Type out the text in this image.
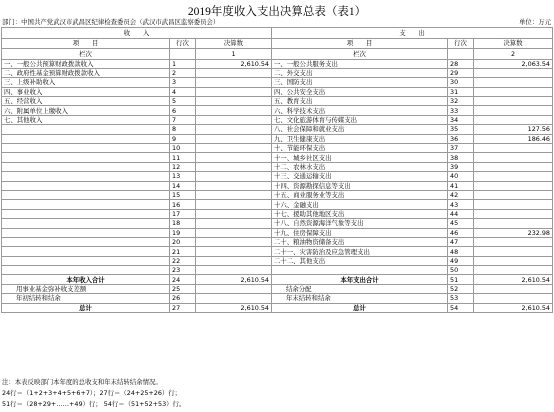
2019年度收入支出决算总表（表1）
部门：中国共产党武汉市武昌区纪律检查委员会（武汉市武昌区监察委员会）	单位：万元
收　　入			支　　出		
项　　目	行次	决算数	项　　目	行次	决算数
栏次		1	栏次		2
一、一般公共预算财政拨款收入	1	2,610.54	一、一般公共服务支出	28	2,063.54
二、政府性基金预算财政拨款收入	2		二、外交支出	29	
三、上级补助收入	3		三、国防支出	30	
四、事业收入	4		四、公共安全支出	31	
五、经营收入	5		五、教育支出	32	
六、附属单位上缴收入	6		六、科学技术支出	33	
七、其他收入	7		七、文化旅游体育与传媒支出	34	
	8		八、社会保障和就业支出	35	127.56
	9		九、卫生健康支出	36	186.46
	10		十、节能环保支出	37	
	11		十一、城乡社区支出	38	
	12		十二、农林水支出	39	
	13		十三、交通运输支出	40	
	14		十四、资源勘探信息等支出	41	
	15		十五、商业服务业等支出	42	
	16		十六、金融支出	43	
	17		十七、援助其他地区支出	44	
	18		十八、自然资源海洋气象等支出	45	
	19		十九、住房保障支出	46	232.98
	20		二十、粮油物资储备支出	47	
	21		二十一、灾害防治及应急管理支出	48	
	22		二十二、其他支出	49	
	23			50	
本年收入合计	24	2,610.54	本年支出合计	51	2,610.54
用事业基金弥补收支差额	25		结余分配	52	
年初结转和结余	26		年末结转和结余	53	
总计	27	2,610.54	总计	54	2,610.54
注：本表反映部门本年度的总收支和年末结转结余情况。
24行＝（1+2+3+4+5+6+7）；27行＝（24+25+26）行；
51行＝（28+29+……+49）行； 54行＝（51+52+53）行。
